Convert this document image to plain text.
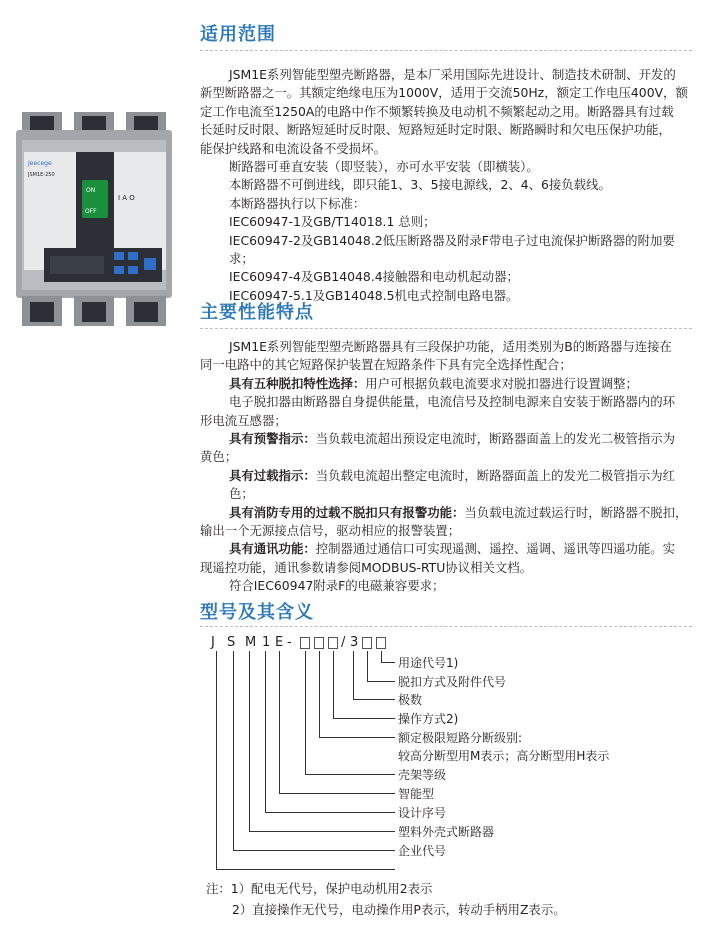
适用范围
JSM1E系列智能型塑壳断路器，是本厂采用国际先进设计、制造技术研制、开发的
新型断路器之一。其额定绝缘电压为1000V，适用于交流50Hz，额定工作电压400V，额
定工作电流至1250A的电路中作不频繁转换及电动机不频繁起动之用。断路器具有过载
长延时反时限、断路短延时反时限、短路短延时定时限、断路瞬时和欠电压保护功能，
能保护线路和电流设备不受损坏。
断路器可垂直安装（即竖装），亦可水平安装（即横装）。
本断路器不可倒进线，即只能1、3、5接电源线，2、4、6接负载线。
本断路器执行以下标准：
IEC60947-1及GB/T14018.1 总则；
IEC60947-2及GB14048.2低压断路器及附录F带电子过电流保护断路器的附加要求；
IEC60947-4及GB14048.4接触器和电动机起动器；
IEC60947-5.1及GB14048.5机电式控制电路电器。
Jeecege
JSM1E-250
ON
OFF
I A O
主要性能特点
JSM1E系列智能型塑壳断路器具有三段保护功能，适用类别为B的断路器与连接在
同一电路中的其它短路保护装置在短路条件下具有完全选择性配合；
具有五种脱扣特性选择：用户可根据负载电流要求对脱扣器进行设置调整；
电子脱扣器由断路器自身提供能量，电流信号及控制电源来自安装于断路器内的环
形电流互感器；
具有预警指示：当负载电流超出预设定电流时，断路器面盖上的发光二极管指示为
黄色；
具有过载指示：当负载电流超出整定电流时，断路器面盖上的发光二极管指示为红色；
具有消防专用的过载不脱扣只有报警功能：当负载电流过载运行时，断路器不脱扣，
输出一个无源接点信号，驱动相应的报警装置；
具有通讯功能：控制器通过通信口可实现遥测、遥控、遥调、遥讯等四遥功能。实
现遥控功能，通讯参数请参阅MODBUS-RTU协议相关文档。
符合IEC60947附录F的电磁兼容要求；
型号及其含义
J S M 1 E -	/ 3
用途代号1)
脱扣方式及附件代号
极数
操作方式2)
额定极限短路分断级别:
较高分断型用M表示；高分断型用H表示
壳架等级
智能型
设计序号
塑料外壳式断路器
企业代号
注：1）配电无代号，保护电动机用2表示
2）直接操作无代号，电动操作用P表示，转动手柄用Z表示。
